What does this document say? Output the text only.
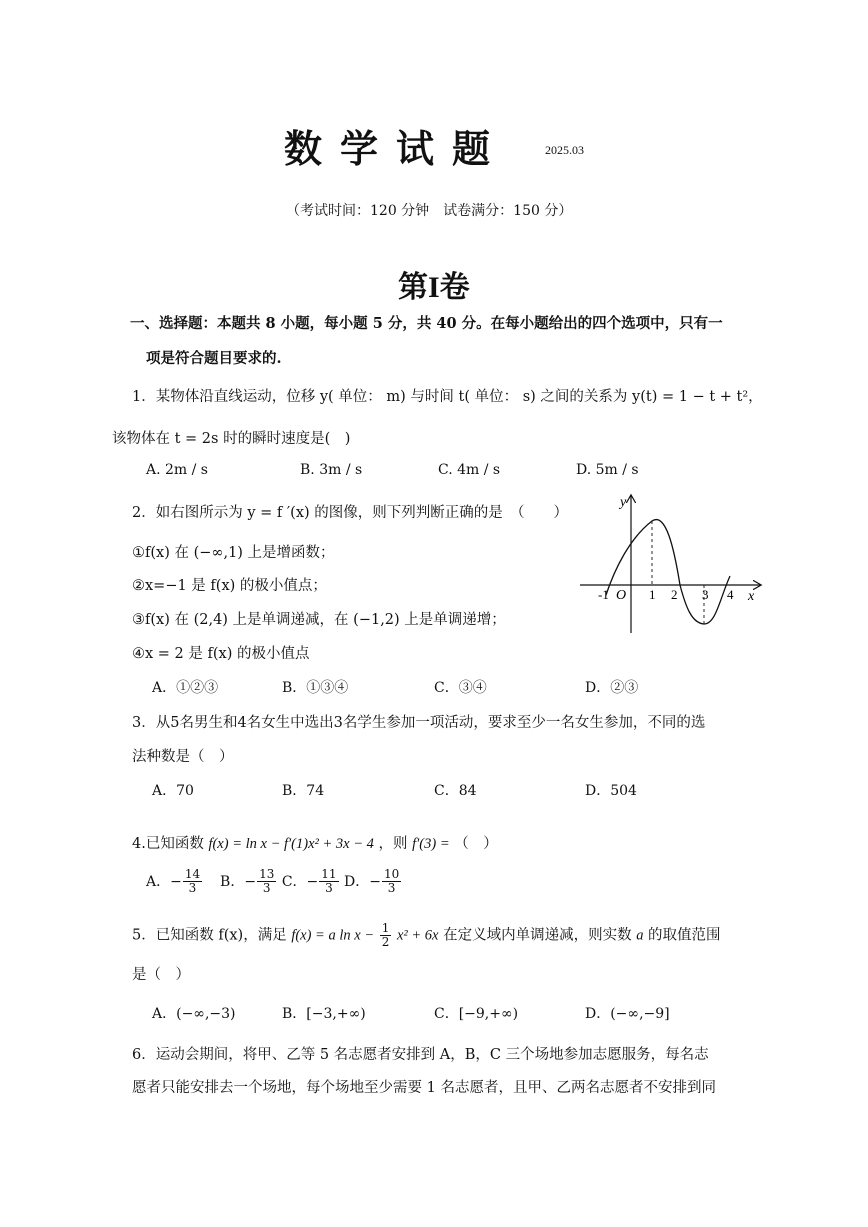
数学试题	2025.03
（考试时间：120 分钟　试卷满分：150 分）
第I卷
一、选择题：本题共 8 小题，每小题 5 分，共 40 分。在每小题给出的四个选项中，只有一
项是符合题目要求的.
1．某物体沿直线运动，位移 y( 单位： m) 与时间 t( 单位： s) 之间的关系为 y(t) = 1 − t + t²，
该物体在 t = 2s 时的瞬时速度是(　)
A. 2m / s	B. 3m / s	C. 4m / s	D. 5m / s
2．如右图所示为 y = f ′(x) 的图像，则下列判断正确的是　（　　）
①f(x) 在 (−∞,1) 上是增函数；
②x=−1 是 f(x) 的极小值点；
③f(x) 在 (2,4) 上是单调递减，在 (−1,2) 上是单调递增；
④x = 2 是 f(x) 的极小值点
A．①②③	B．①③④	C．③④	D．②③
y
x
O
-1	1 2 3 4
3．从5名男生和4名女生中选出3名学生参加一项活动，要求至少一名女生参加，不同的选
法种数是（　）
A．70	B．74	C．84	D．504
4.已知函数 f(x) = ln x − f′(1)x² + 3x − 4 ，则 f′(3) = （　）
A．− $\frac{14}{3}$ B．− $\frac{13}{3}$ C．− $\frac{11}{3}$ D．− $\frac{10}{3}$
5．已知函数 f(x)，满足 f(x) = a $\ln x - \frac{1}{2} x^2 + 6x$ 在定义域内单调递减，则实数 a 的取值范围
是（　）
A．(−∞,−3)	B．[−3,+∞)	C．[−9,+∞)	D．(−∞,−9]
6．运动会期间，将甲、乙等 5 名志愿者安排到 A，B，C 三个场地参加志愿服务，每名志
愿者只能安排去一个场地，每个场地至少需要 1 名志愿者，且甲、乙两名志愿者不安排到同
